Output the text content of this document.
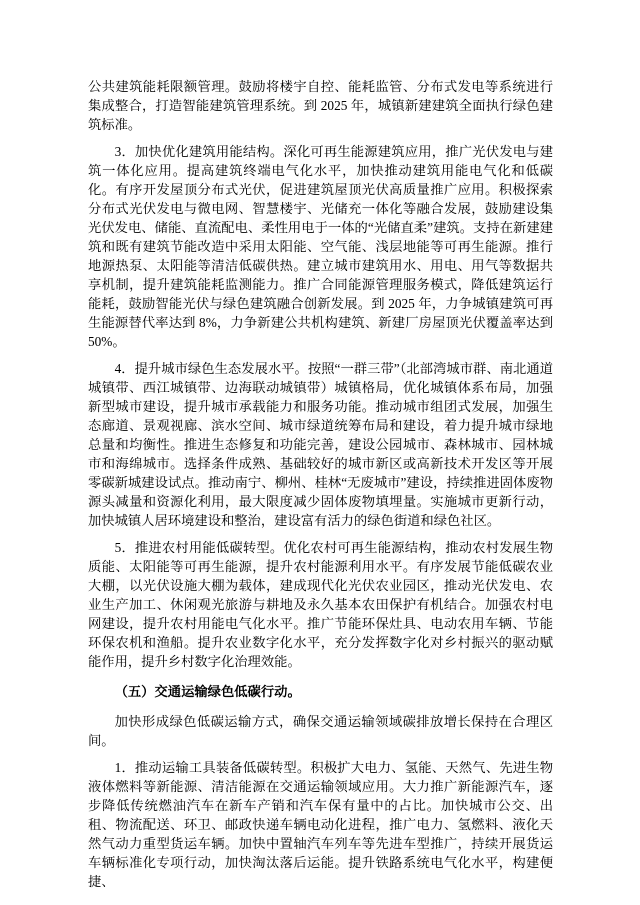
公共建筑能耗限额管理。鼓励将楼宇自控、能耗监管、分布式发电等系统进行集成整合，打造智能建筑管理系统。到 2025 年，城镇新建建筑全面执行绿色建筑标准。

3．加快优化建筑用能结构。深化可再生能源建筑应用，推广光伏发电与建筑一体化应用。提高建筑终端电气化水平，加快推动建筑用能电气化和低碳化。有序开发屋顶分布式光伏，促进建筑屋顶光伏高质量推广应用。积极探索分布式光伏发电与微电网、智慧楼宇、光储充一体化等融合发展，鼓励建设集光伏发电、储能、直流配电、柔性用电于一体的“光储直柔”建筑。支持在新建建筑和既有建筑节能改造中采用太阳能、空气能、浅层地能等可再生能源。推行地源热泵、太阳能等清洁低碳供热。建立城市建筑用水、用电、用气等数据共享机制，提升建筑能耗监测能力。推广合同能源管理服务模式，降低建筑运行能耗，鼓励智能光伏与绿色建筑融合创新发展。到 2025 年，力争城镇建筑可再生能源替代率达到 8%，力争新建公共机构建筑、新建厂房屋顶光伏覆盖率达到 50%。

4．提升城市绿色生态发展水平。按照“一群三带”（北部湾城市群、南北通道城镇带、西江城镇带、边海联动城镇带）城镇格局，优化城镇体系布局，加强新型城市建设，提升城市承载能力和服务功能。推动城市组团式发展，加强生态廊道、景观视廊、滨水空间、城市绿道统筹布局和建设，着力提升城市绿地总量和均衡性。推进生态修复和功能完善，建设公园城市、森林城市、园林城市和海绵城市。选择条件成熟、基础较好的城市新区或高新技术开发区等开展零碳新城建设试点。推动南宁、柳州、桂林“无废城市”建设，持续推进固体废物源头减量和资源化利用，最大限度减少固体废物填埋量。实施城市更新行动，加快城镇人居环境建设和整治，建设富有活力的绿色街道和绿色社区。

5．推进农村用能低碳转型。优化农村可再生能源结构，推动农村发展生物质能、太阳能等可再生能源，提升农村能源利用水平。有序发展节能低碳农业大棚，以光伏设施大棚为载体，建成现代化光伏农业园区，推动光伏发电、农业生产加工、休闲观光旅游与耕地及永久基本农田保护有机结合。加强农村电网建设，提升农村用能电气化水平。推广节能环保灶具、电动农用车辆、节能环保农机和渔船。提升农业数字化水平，充分发挥数字化对乡村振兴的驱动赋能作用，提升乡村数字化治理效能。

（五）交通运输绿色低碳行动。

加快形成绿色低碳运输方式，确保交通运输领域碳排放增长保持在合理区间。

1．推动运输工具装备低碳转型。积极扩大电力、氢能、天然气、先进生物液体燃料等新能源、清洁能源在交通运输领域应用。大力推广新能源汽车，逐步降低传统燃油汽车在新车产销和汽车保有量中的占比。加快城市公交、出租、物流配送、环卫、邮政快递车辆电动化进程，推广电力、氢燃料、液化天然气动力重型货运车辆。加快中置轴汽车列车等先进车型推广，持续开展货运车辆标准化专项行动，加快淘汰落后运能。提升铁路系统电气化水平，构建便捷、
